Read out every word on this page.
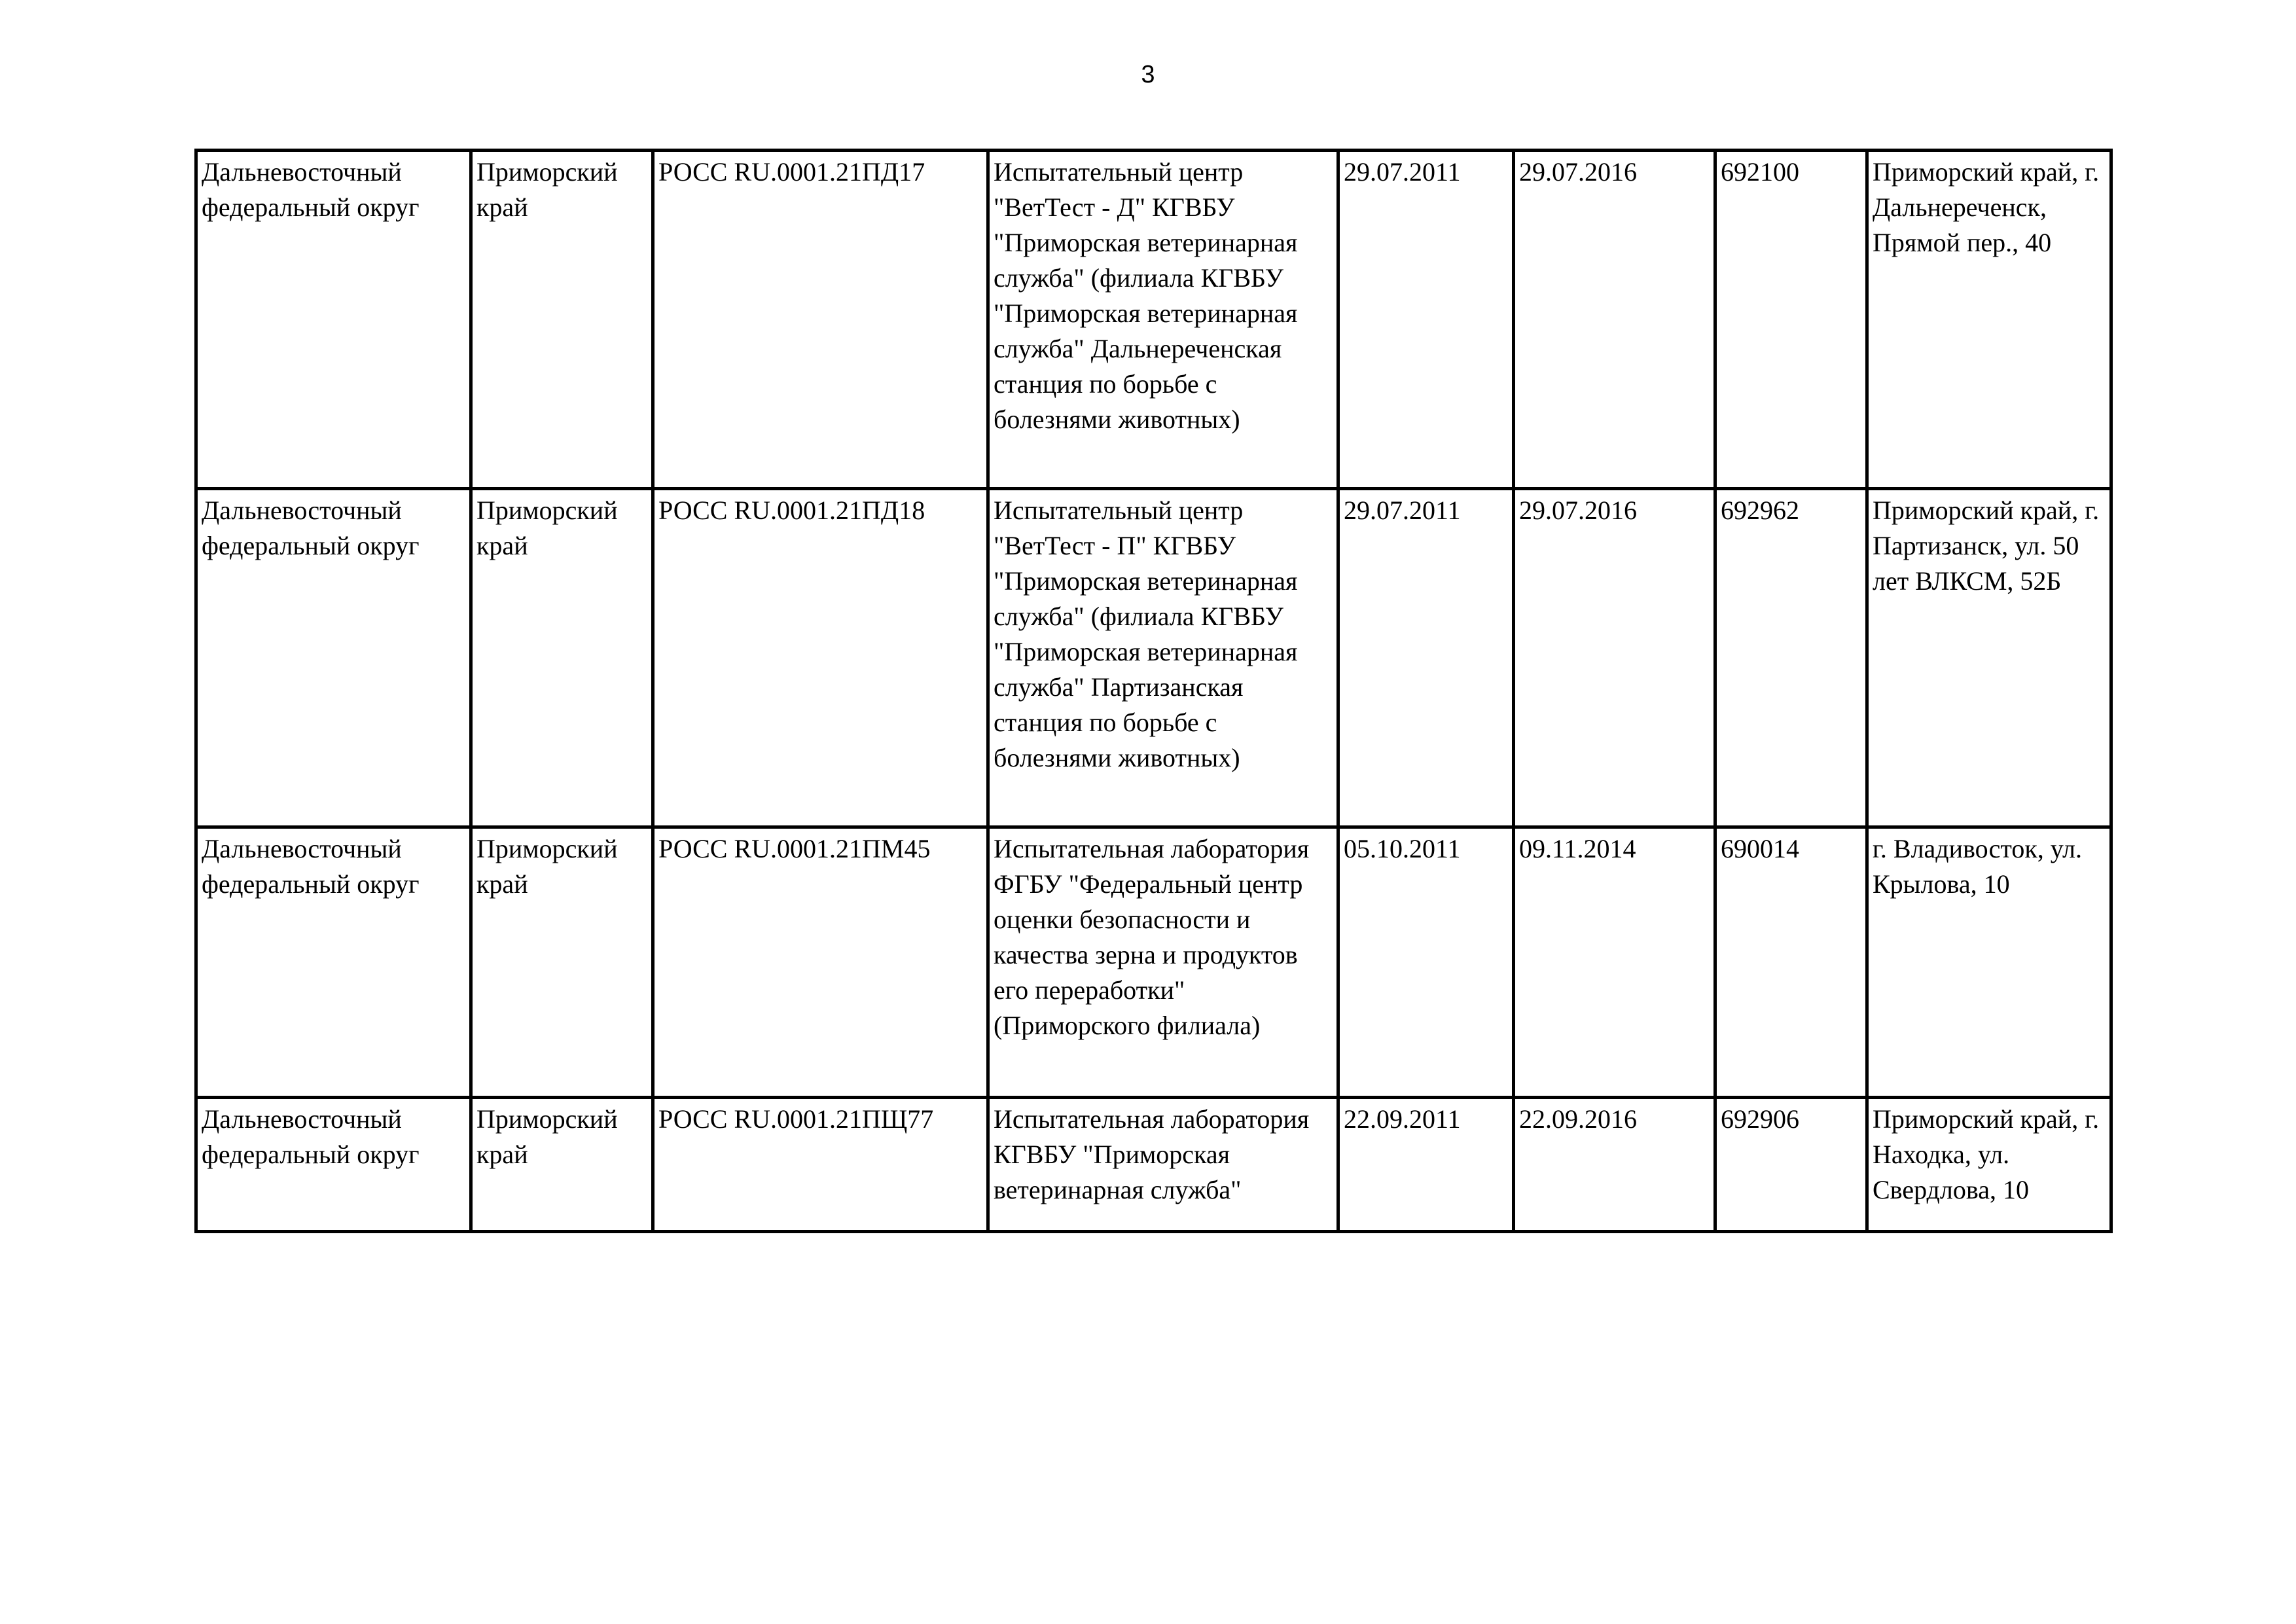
3
Дальневосточный федеральный округ	Приморский край	РОСС RU.0001.21ПД17	Испытательный центр "ВетТест - Д" КГВБУ "Приморская ветеринарная служба" (филиала КГВБУ "Приморская ветеринарная служба" Дальнереченская станция по борьбе с болезнями животных)	29.07.2011	29.07.2016	692100	Приморский край, г. Дальнереченск, Прямой пер., 40
Дальневосточный федеральный округ	Приморский край	РОСС RU.0001.21ПД18	Испытательный центр "ВетТест - П" КГВБУ "Приморская ветеринарная служба" (филиала КГВБУ "Приморская ветеринарная служба" Партизанская станция по борьбе с болезнями животных)	29.07.2011	29.07.2016	692962	Приморский край, г. Партизанск, ул. 50 лет ВЛКСМ, 52Б
Дальневосточный федеральный округ	Приморский край	РОСС RU.0001.21ПМ45	Испытательная лаборатория ФГБУ "Федеральный центр оценки безопасности и качества зерна и продуктов его переработки" (Приморского филиала)	05.10.2011	09.11.2014	690014	г. Владивосток, ул. Крылова, 10
Дальневосточный федеральный округ	Приморский край	РОСС RU.0001.21ПЩ77	Испытательная лаборатория КГВБУ "Приморская ветеринарная служба"	22.09.2011	22.09.2016	692906	Приморский край, г. Находка, ул. Свердлова, 10
